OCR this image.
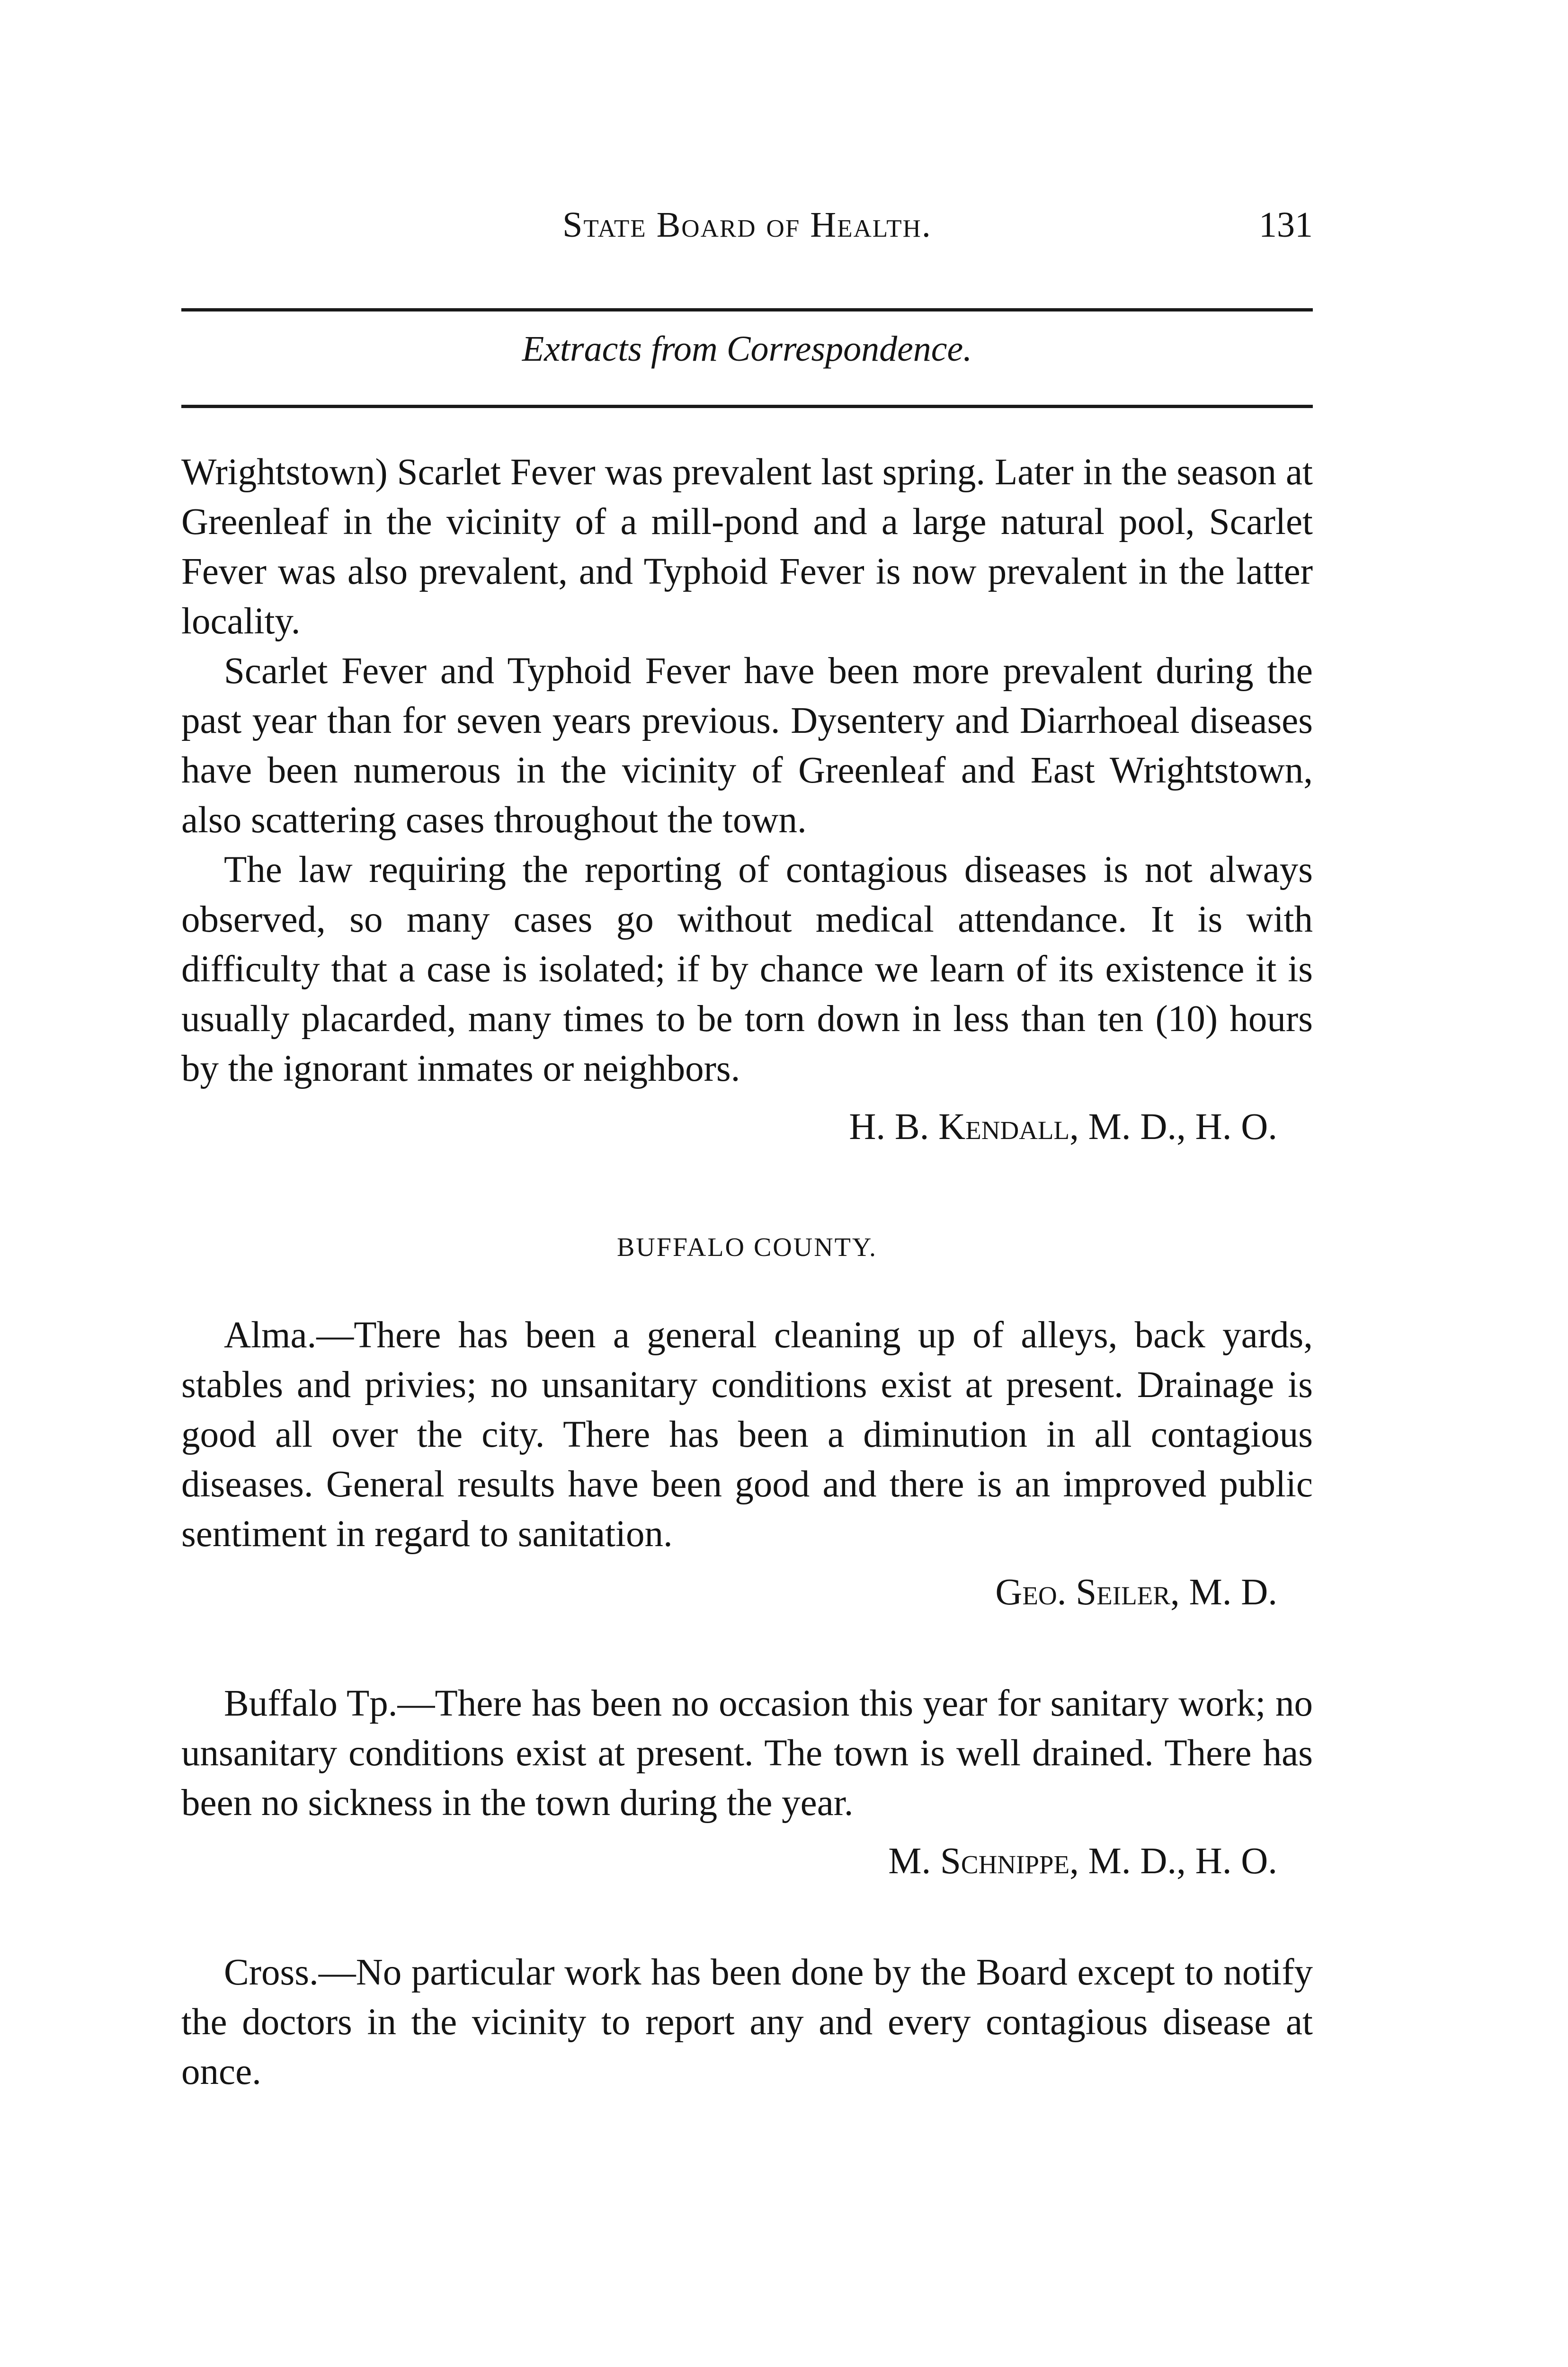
State Board of Health.	131
Extracts from Correspondence.

Wrightstown) Scarlet Fever was prevalent last spring. Later in the season at Greenleaf in the vicinity of a mill-pond and a large natural pool, Scarlet Fever was also prevalent, and Typhoid Fever is now prevalent in the latter locality.

Scarlet Fever and Typhoid Fever have been more prevalent during the past year than for seven years previous. Dysentery and Diarrhoeal diseases have been numerous in the vicinity of Greenleaf and East Wrightstown, also scattering cases throughout the town.

The law requiring the reporting of contagious diseases is not always observed, so many cases go without medical attendance. It is with difficulty that a case is isolated; if by chance we learn of its existence it is usually placarded, many times to be torn down in less than ten (10) hours by the ignorant inmates or neighbors.

H. B. Kendall, M. D., H. O.
BUFFALO COUNTY.

Alma.—There has been a general cleaning up of alleys, back yards, stables and privies; no unsanitary conditions exist at present. Drainage is good all over the city. There has been a diminution in all contagious diseases. General results have been good and there is an improved public sentiment in regard to sanitation.

Geo. Seiler, M. D.

Buffalo Tp.—There has been no occasion this year for sanitary work; no unsanitary conditions exist at present. The town is well drained. There has been no sickness in the town during the year.

M. Schnippe, M. D., H. O.

Cross.—No particular work has been done by the Board except to notify the doctors in the vicinity to report any and every contagious disease at once.
